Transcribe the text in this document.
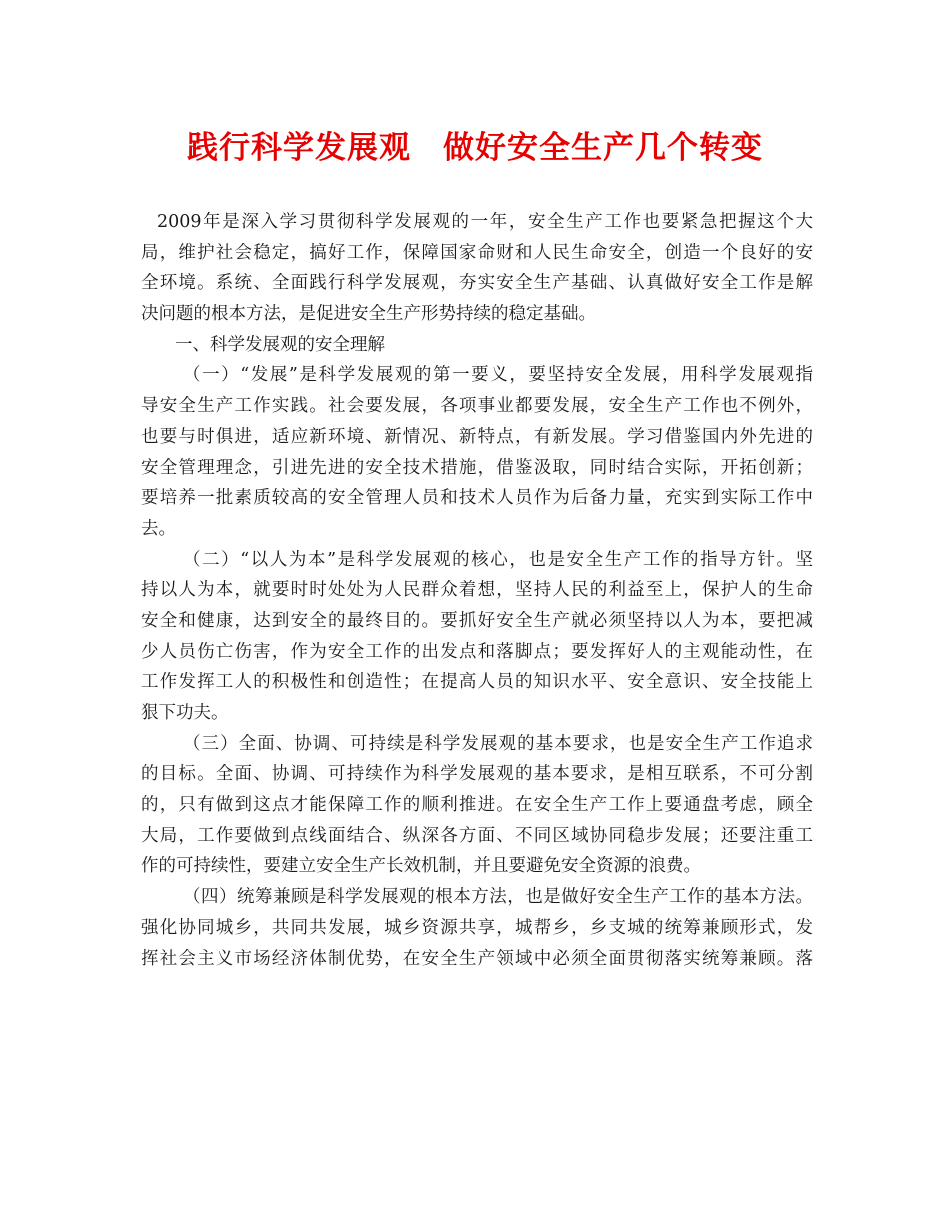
践行科学发展观　做好安全生产几个转变
2009年是深入学习贯彻科学发展观的一年，安全生产工作也要紧急把握这个大
局，维护社会稳定，搞好工作，保障国家命财和人民生命安全，创造一个良好的安
全环境。系统、全面践行科学发展观，夯实安全生产基础、认真做好安全工作是解
决问题的根本方法，是促进安全生产形势持续的稳定基础。
一、科学发展观的安全理解
（一）“发展”是科学发展观的第一要义，要坚持安全发展，用科学发展观指
导安全生产工作实践。社会要发展，各项事业都要发展，安全生产工作也不例外，
也要与时俱进，适应新环境、新情况、新特点，有新发展。学习借鉴国内外先进的
安全管理理念，引进先进的安全技术措施，借鉴汲取，同时结合实际，开拓创新；
要培养一批素质较高的安全管理人员和技术人员作为后备力量，充实到实际工作中
去。
（二）“以人为本”是科学发展观的核心，也是安全生产工作的指导方针。坚
持以人为本，就要时时处处为人民群众着想，坚持人民的利益至上，保护人的生命
安全和健康，达到安全的最终目的。要抓好安全生产就必须坚持以人为本，要把减
少人员伤亡伤害，作为安全工作的出发点和落脚点；要发挥好人的主观能动性，在
工作发挥工人的积极性和创造性；在提高人员的知识水平、安全意识、安全技能上
狠下功夫。
（三）全面、协调、可持续是科学发展观的基本要求，也是安全生产工作追求
的目标。全面、协调、可持续作为科学发展观的基本要求，是相互联系，不可分割
的，只有做到这点才能保障工作的顺利推进。在安全生产工作上要通盘考虑，顾全
大局，工作要做到点线面结合、纵深各方面、不同区域协同稳步发展；还要注重工
作的可持续性，要建立安全生产长效机制，并且要避免安全资源的浪费。
（四）统筹兼顾是科学发展观的根本方法，也是做好安全生产工作的基本方法。
强化协同城乡，共同共发展，城乡资源共享，城帮乡，乡支城的统筹兼顾形式，发
挥社会主义市场经济体制优势，在安全生产领域中必须全面贯彻落实统筹兼顾。落
